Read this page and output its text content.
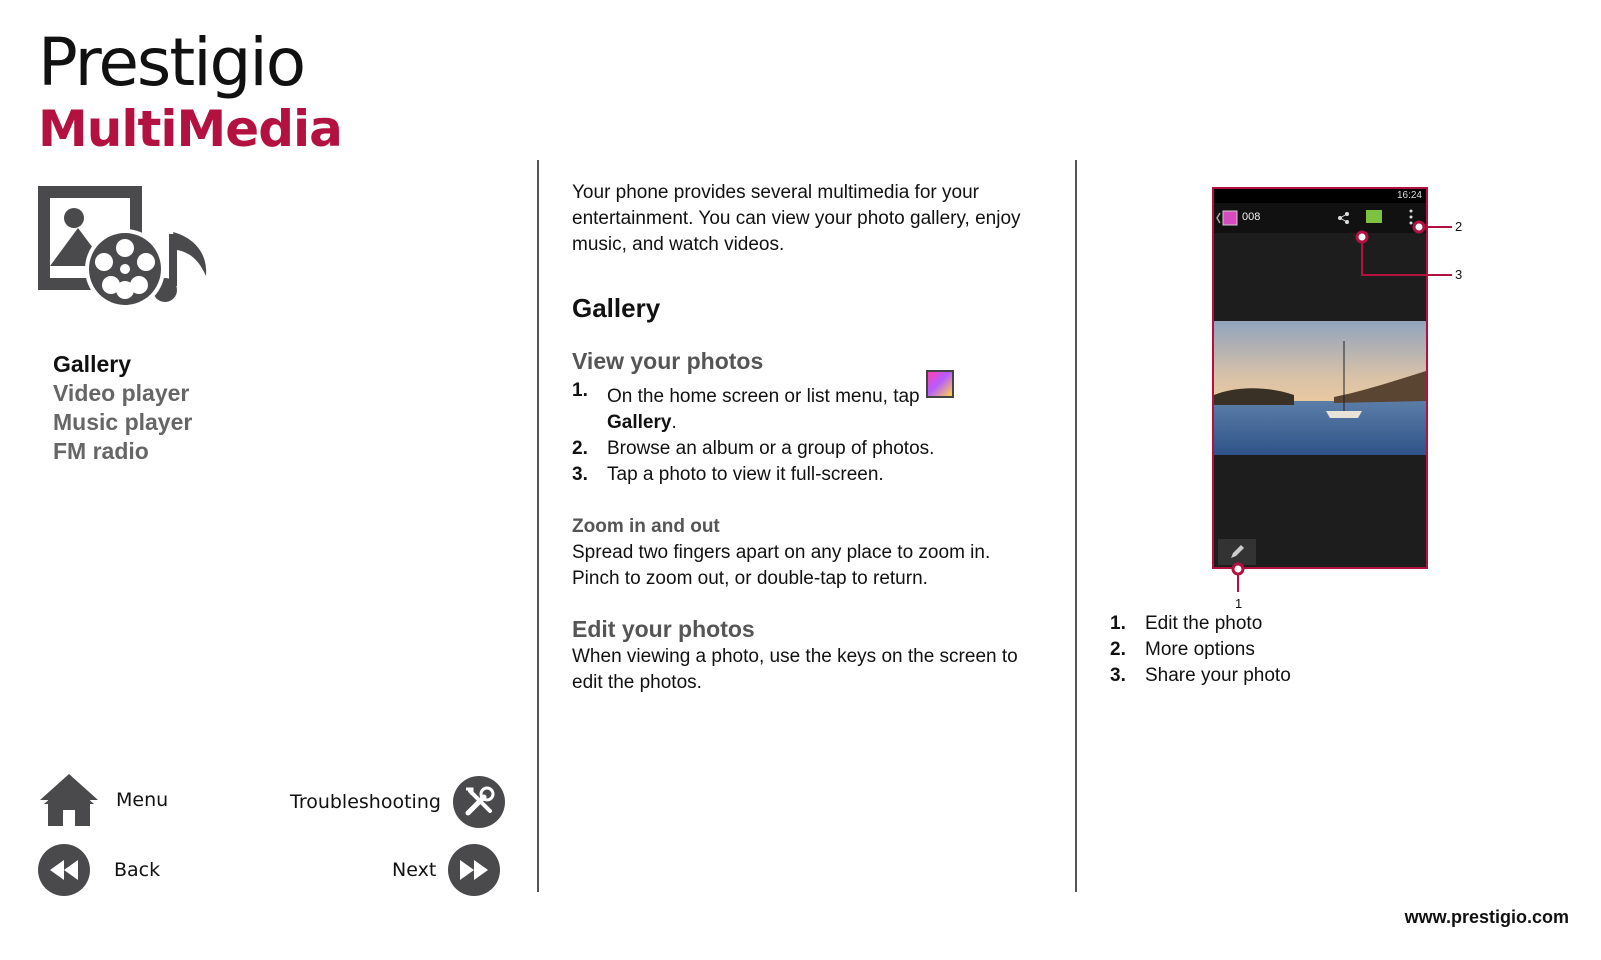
Prestigio
MultiMedia
Gallery
Video player
Music player
FM radio
Menu	Troubleshooting
Back	Next

Your phone provides several multimedia for your entertainment. You can view your photo gallery, enjoy music, and watch videos.

Gallery
View your photos
1.	On the home screen or list menu, tap
Gallery.
2.	Browse an album or a group of photos.
3.	Tap a photo to view it full-screen.
Zoom in and out

Spread two fingers apart on any place to zoom in. Pinch to zoom out, or double-tap to return.

Edit your photos

When viewing a photo, use the keys on the screen to edit the photos.

16:24
008
1
2
3
1.	Edit the photo
2.	More options
3.	Share your photo
www.prestigio.com
